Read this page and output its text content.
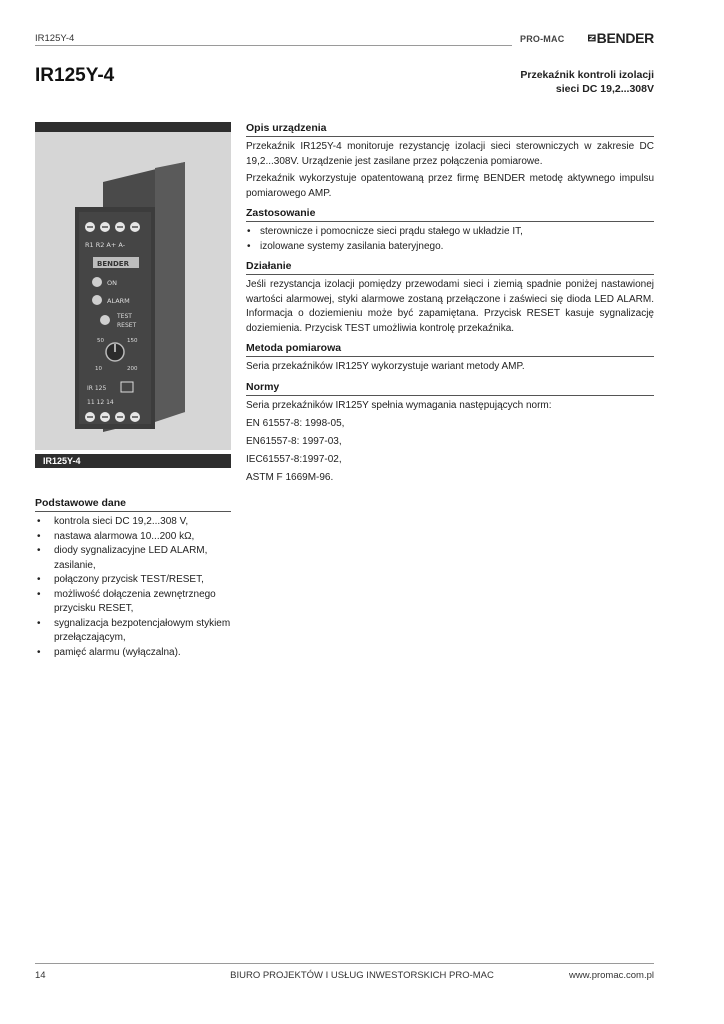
IR125Y-4	PRO-MAC BENDER
IR125Y-4	Przekaźnik kontroli izolacji
sieci DC 19,2...308V
R1 R2 A+ A-
BENDER
ON
ALARM
TEST
RESET
50	150
10	200
IR 125
11 12 14
IR125Y-4
Podstawowe dane
• kontrola sieci DC 19,2...308 V,
• nastawa alarmowa 10...200 kΩ,
• diody sygnalizacyjne LED ALARM, zasilanie,
• połączony przycisk TEST/RESET,
• możliwość dołączenia zewnętrznego przycisku RESET,
• sygnalizacja bezpotencjałowym stykiem przełączającym,
• pamięć alarmu (wyłączalna).
Opis urządzenia

Przekaźnik IR125Y-4 monitoruje rezystancję izolacji sieci sterowniczych w zakresie DC 19,2...308V. Urządzenie jest zasilane przez połączenia pomiarowe.

Przekaźnik wykorzystuje opatentowaną przez firmę BENDER metodę aktywnego impulsu pomiarowego AMP.

Zastosowanie
• sterownicze i pomocnicze sieci prądu stałego w układzie IT,
• izolowane systemy zasilania bateryjnego.
Działanie

Jeśli rezystancja izolacji pomiędzy przewodami sieci i ziemią spadnie poniżej nastawionej wartości alarmowej, styki alarmowe zostaną przełączone i zaświeci się dioda LED ALARM. Informacja o doziemieniu może być zapamiętana. Przycisk RESET kasuje sygnalizację doziemienia. Przycisk TEST umożliwia kontrolę przekaźnika.

Metoda pomiarowa

Seria przekaźników IR125Y wykorzystuje wariant metody AMP.

Normy
Seria przekaźników IR125Y spełnia wymagania następujących norm:
EN 61557-8: 1998-05,
EN61557-8: 1997-03,
IEC61557-8:1997-02,
ASTM F 1669M-96.
14	BIURO PROJEKTÓW I USŁUG INWESTORSKICH PRO-MAC	www.promac.com.pl
